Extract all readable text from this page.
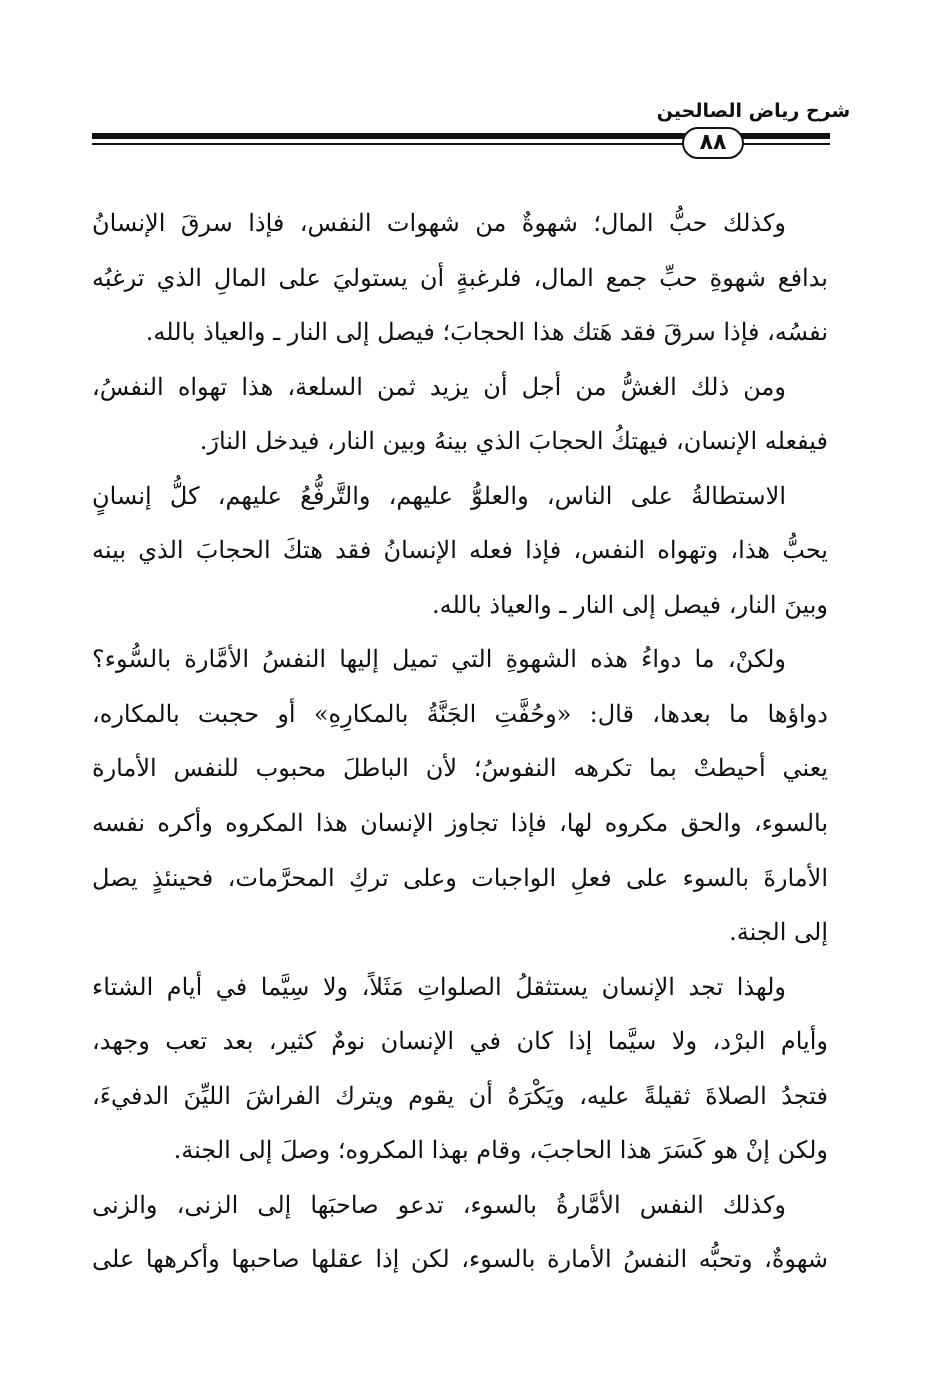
شرح رياض الصالحين
٨٨
وكذلك حبُّ المال؛ شهوةٌ من شهوات النفس، فإذا سرقَ الإنسانُ
بدافع شهوةِ حبِّ جمع المال، فلرغبةٍ أن يستوليَ على المالِ الذي ترغبُه
نفسُه، فإذا سرقَ فقد هَتك هذا الحجابَ؛ فيصل إلى النار ـ والعياذ بالله.
ومن ذلك الغشُّ من أجل أن يزيد ثمن السلعة، هذا تهواه النفسُ،
فيفعله الإنسان، فيهتكُ الحجابَ الذي بينهُ وبين النار، فيدخل النارَ.
الاستطالةُ على الناس، والعلوُّ عليهم، والتَّرفُّعُ عليهم، كلُّ إنسانٍ
يحبُّ هذا، وتهواه النفس، فإذا فعله الإنسانُ فقد هتكَ الحجابَ الذي بينه
وبينَ النار، فيصل إلى النار ـ والعياذ بالله.
ولكنْ، ما دواءُ هذه الشهوةِ التي تميل إليها النفسُ الأمَّارة بالسُّوء؟
دواؤها ما بعدها، قال: «وحُفَّتِ الجَنَّةُ بالمكارِهِ» أو حجبت بالمكاره،
يعني أحيطتْ بما تكرهه النفوسُ؛ لأن الباطلَ محبوب للنفس الأمارة
بالسوء، والحق مكروه لها، فإذا تجاوز الإنسان هذا المكروه وأكره نفسه
الأمارةَ بالسوء على فعلِ الواجبات وعلى تركِ المحرَّمات، فحينئذٍ يصل
إلى الجنة.
ولهذا تجد الإنسان يستثقلُ الصلواتِ مَثَلاً، ولا سِيَّما في أيام الشتاء
وأيام البرْد، ولا سيَّما إذا كان في الإنسان نومٌ كثير، بعد تعب وجهد،
فتجدُ الصلاةَ ثقيلةً عليه، ويَكْرَهُ أن يقوم ويترك الفراشَ الليِّنَ الدفيءَ،
ولكن إنْ هو كَسَرَ هذا الحاجبَ، وقام بهذا المكروه؛ وصلَ إلى الجنة.
وكذلك النفس الأمَّارةُ بالسوء، تدعو صاحبَها إلى الزنى، والزنى
شهوةٌ، وتحبُّه النفسُ الأمارة بالسوء، لكن إذا عقلها صاحبها وأكرهها على
